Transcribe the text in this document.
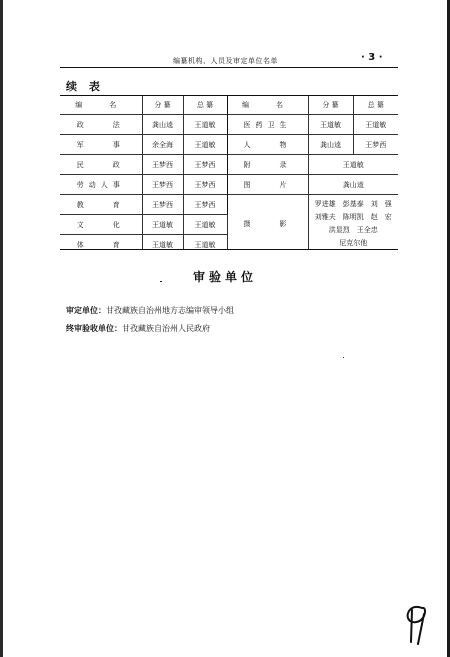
编纂机构、人员及审定单位名单	· 3 ·
续 表
编　名	分 纂	总 纂	编　名	分 纂	总 纂
政　　法	龚山逵	王道敏	医药卫生	王道敏	王道敏
军　　事	余全海	王道敏	人　　物	龚山逵	王梦西
民　　政	王梦西	王梦西	附　　录	王道敏	
劳动人事	王梦西	王梦西	图　　片	龚山逵	
教　　育	王梦西	王梦西	摄　　影	罗进雄　彭基泰　刘　强
刘雅夫　陈明凯　赵　宏
洪显烈　王全忠
尼克尔他	

文　　化	王道敏	王道敏			
体　　育	王道敏	王道敏			
审验单位
审定单位：甘孜藏族自治州地方志编审领导小组
终审验收单位：甘孜藏族自治州人民政府
